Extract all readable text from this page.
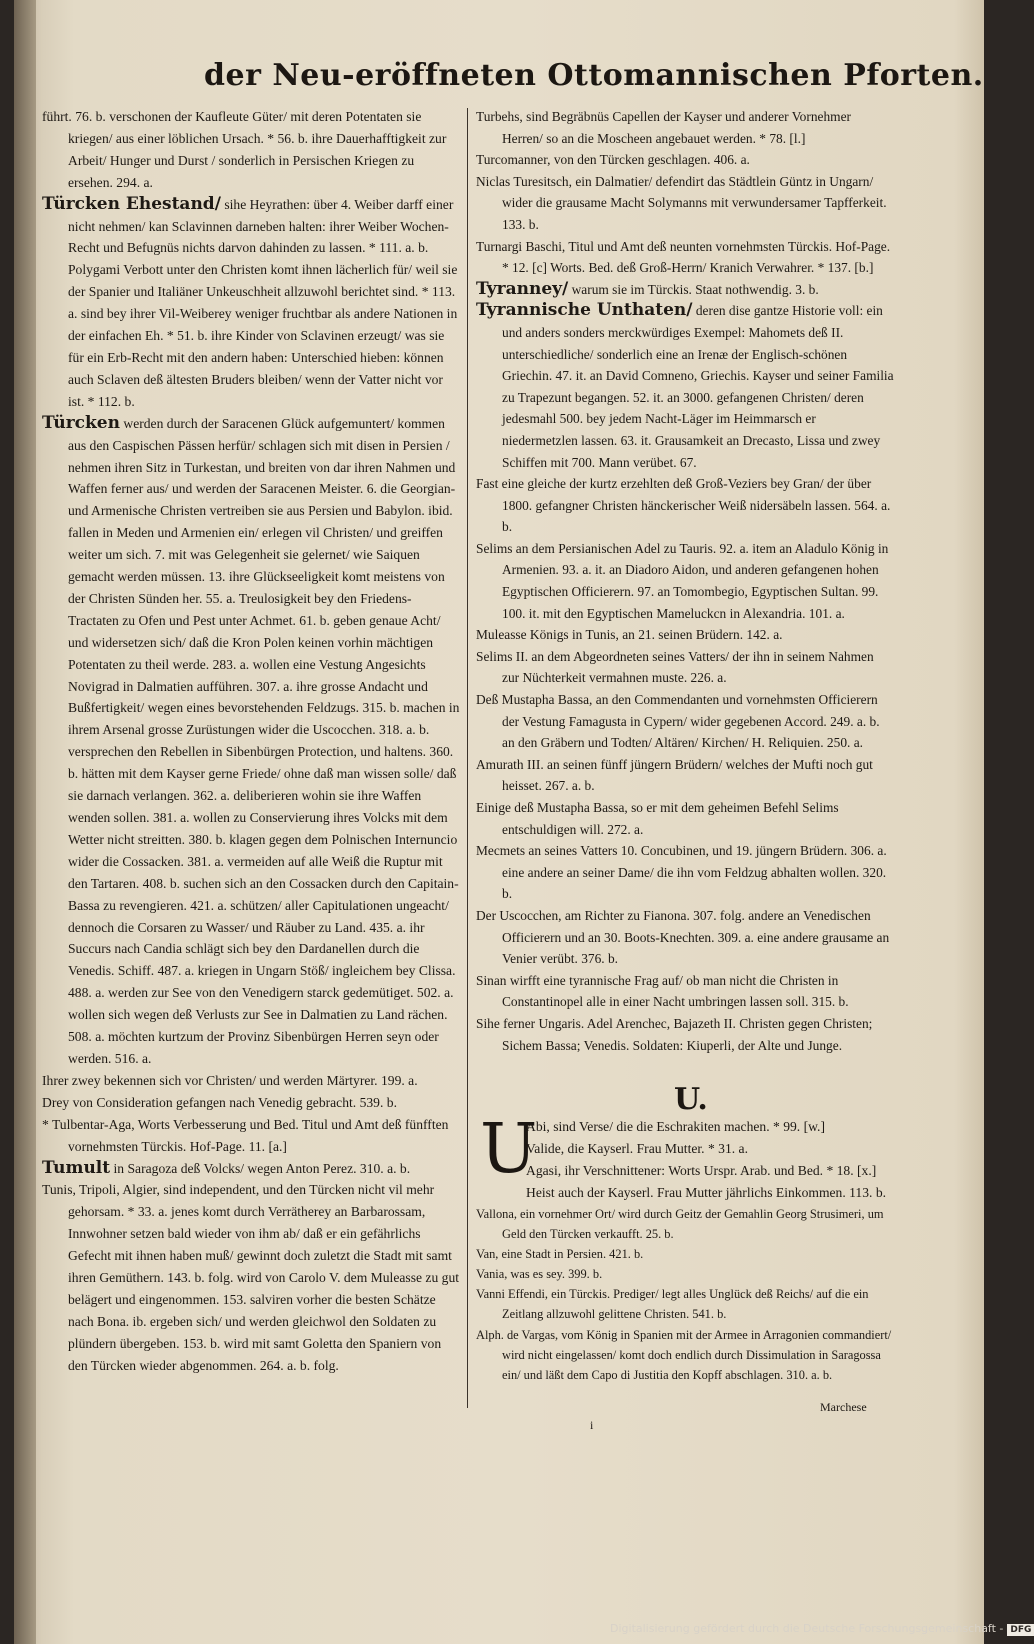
der Neu-eröffneten Ottomannischen Pforten.

führt. 76. b. verschonen der Kaufleute Güter/ mit deren Potentaten sie kriegen/ aus einer löblichen Ursach. * 56. b. ihre Dauerhafftigkeit zur Arbeit/ Hunger und Durst / sonderlich in Persischen Kriegen zu ersehen. 294. a.

Türcken Ehestand/ sihe Heyrathen: über 4. Weiber darff einer nicht nehmen/ kan Sclavinnen darneben halten: ihrer Weiber Wochen-Recht und Befugnüs nichts darvon dahinden zu lassen. * 111. a. b. Polygami Verbott unter den Christen komt ihnen lächerlich für/ weil sie der Spanier und Italiäner Unkeuschheit allzuwohl berichtet sind. * 113. a. sind bey ihrer Vil-Weiberey weniger fruchtbar als andere Nationen in der einfachen Eh. * 51. b. ihre Kinder von Sclavinen erzeugt/ was sie für ein Erb-Recht mit den andern haben: Unterschied hieben: können auch Sclaven deß ältesten Bruders bleiben/ wenn der Vatter nicht vor ist. * 112. b.

Türcken werden durch der Saracenen Glück aufgemuntert/ kommen aus den Caspischen Pässen herfür/ schlagen sich mit disen in Persien / nehmen ihren Sitz in Turkestan, und breiten von dar ihren Nahmen und Waffen ferner aus/ und werden der Saracenen Meister. 6. die Georgian- und Armenische Christen vertreiben sie aus Persien und Babylon. ibid. fallen in Meden und Armenien ein/ erlegen vil Christen/ und greiffen weiter um sich. 7. mit was Gelegenheit sie gelernet/ wie Saiquen gemacht werden müssen. 13. ihre Glückseeligkeit komt meistens von der Christen Sünden her. 55. a. Treulosigkeit bey den Friedens-Tractaten zu Ofen und Pest unter Achmet. 61. b. geben genaue Acht/ und widersetzen sich/ daß die Kron Polen keinen vorhin mächtigen Potentaten zu theil werde. 283. a. wollen eine Vestung Angesichts Novigrad in Dalmatien aufführen. 307. a. ihre grosse Andacht und Bußfertigkeit/ wegen eines bevorstehenden Feldzugs. 315. b. machen in ihrem Arsenal grosse Zurüstungen wider die Uscocchen. 318. a. b. versprechen den Rebellen in Sibenbürgen Protection, und haltens. 360. b. hätten mit dem Kayser gerne Friede/ ohne daß man wissen solle/ daß sie darnach verlangen. 362. a. deliberieren wohin sie ihre Waffen wenden sollen. 381. a. wollen zu Conservierung ihres Volcks mit dem Wetter nicht streitten. 380. b. klagen gegen dem Polnischen Internuncio wider die Cossacken. 381. a. vermeiden auf alle Weiß die Ruptur mit den Tartaren. 408. b. suchen sich an den Cossacken durch den Capitain-Bassa zu revengieren. 421. a. schützen/ aller Capitulationen ungeacht/ dennoch die Corsaren zu Wasser/ und Räuber zu Land. 435. a. ihr Succurs nach Candia schlägt sich bey den Dardanellen durch die Venedis. Schiff. 487. a. kriegen in Ungarn Stöß/ ingleichem bey Clissa. 488. a. werden zur See von den Venedigern starck gedemütiget. 502. a. wollen sich wegen deß Verlusts zur See in Dalmatien zu Land rächen. 508. a. möchten kurtzum der Provinz Sibenbürgen Herren seyn oder werden. 516. a.

Ihrer zwey bekennen sich vor Christen/ und werden Märtyrer. 199. a.

Drey von Consideration gefangen nach Venedig gebracht. 539. b.

* Tulbentar-Aga, Worts Verbesserung und Bed. Titul und Amt deß fünfften vornehmsten Türckis. Hof-Page. 11. [a.]

Tumult in Saragoza deß Volcks/ wegen Anton Perez. 310. a. b.

Tunis, Tripoli, Algier, sind independent, und den Türcken nicht vil mehr gehorsam. * 33. a. jenes komt durch Verrätherey an Barbarossam, Innwohner setzen bald wieder von ihm ab/ daß er ein gefährlichs Gefecht mit ihnen haben muß/ gewinnt doch zuletzt die Stadt mit samt ihren Gemüthern. 143. b. folg. wird von Carolo V. dem Muleasse zu gut belägert und eingenommen. 153. salviren vorher die besten Schätze nach Bona. ib. ergeben sich/ und werden gleichwol den Soldaten zu plündern übergeben. 153. b. wird mit samt Goletta den Spaniern von den Türcken wieder abgenommen. 264. a. b. folg.

Turbehs, sind Begräbnüs Capellen der Kayser und anderer Vornehmer Herren/ so an die Moscheen angebauet werden. * 78. [l.]

Turcomanner, von den Türcken geschlagen. 406. a.

Niclas Turesitsch, ein Dalmatier/ defendirt das Städtlein Güntz in Ungarn/ wider die grausame Macht Solymanns mit verwundersamer Tapfferkeit. 133. b.

Turnargi Baschi, Titul und Amt deß neunten vornehmsten Türckis. Hof-Page. * 12. [c] Worts. Bed. deß Groß-Herrn/ Kranich Verwahrer. * 137. [b.]

Tyranney/ warum sie im Türckis. Staat nothwendig. 3. b.

Tyrannische Unthaten/ deren dise gantze Historie voll: ein und anders sonders merckwürdiges Exempel: Mahomets deß II. unterschiedliche/ sonderlich eine an Irenæ der Englisch-schönen Griechin. 47. it. an David Comneno, Griechis. Kayser und seiner Familia zu Trapezunt begangen. 52. it. an 3000. gefangenen Christen/ deren jedesmahl 500. bey jedem Nacht-Läger im Heimmarsch er niedermetzlen lassen. 63. it. Grausamkeit an Drecasto, Lissa und zwey Schiffen mit 700. Mann verübet. 67.

Fast eine gleiche der kurtz erzehlten deß Groß-Veziers bey Gran/ der über 1800. gefangner Christen hänckerischer Weiß nidersäbeln lassen. 564. a. b.

Selims an dem Persianischen Adel zu Tauris. 92. a. item an Aladulo König in Armenien. 93. a. it. an Diadoro Aidon, und anderen gefangenen hohen Egyptischen Officierern. 97. an Tomombegio, Egyptischen Sultan. 99. 100. it. mit den Egyptischen Mameluckcn in Alexandria. 101. a.

Muleasse Königs in Tunis, an 21. seinen Brüdern. 142. a.

Selims II. an dem Abgeordneten seines Vatters/ der ihn in seinem Nahmen zur Nüchterkeit vermahnen muste. 226. a.

Deß Mustapha Bassa, an den Commendanten und vornehmsten Officierern der Vestung Famagusta in Cypern/ wider gegebenen Accord. 249. a. b. an den Gräbern und Todten/ Altären/ Kirchen/ H. Reliquien. 250. a.

Amurath III. an seinen fünff jüngern Brüdern/ welches der Mufti noch gut heisset. 267. a. b.

Einige deß Mustapha Bassa, so er mit dem geheimen Befehl Selims entschuldigen will. 272. a.

Mecmets an seines Vatters 10. Concubinen, und 19. jüngern Brüdern. 306. a. eine andere an seiner Dame/ die ihn vom Feldzug abhalten wollen. 320. b.

Der Uscocchen, am Richter zu Fianona. 307. folg. andere an Venedischen Officierern und an 30. Boots-Knechten. 309. a. eine andere grausame an Venier verübt. 376. b.

Sinan wirfft eine tyrannische Frag auf/ ob man nicht die Christen in Constantinopel alle in einer Nacht umbringen lassen soll. 315. b.

Sihe ferner Ungaris. Adel Arenchec, Bajazeth II. Christen gegen Christen; Sichem Bassa; Venedis. Soldaten: Kiuperli, der Alte und Junge.

U.
U

Abi, sind Verse/ die die Eschrakiten machen. * 99. [w.]

Valide, die Kayserl. Frau Mutter. * 31. a.

Agasi, ihr Verschnittener: Worts Urspr. Arab. und Bed. * 18. [x.]

Heist auch der Kayserl. Frau Mutter jährlichs Einkommen. 113. b.

Vallona, ein vornehmer Ort/ wird durch Geitz der Gemahlin Georg Strusimeri, um Geld den Türcken verkaufft. 25. b.

Van, eine Stadt in Persien. 421. b.

Vania, was es sey. 399. b.

Vanni Effendi, ein Türckis. Prediger/ legt alles Unglück deß Reichs/ auf die ein Zeitlang allzuwohl gelittene Christen. 541. b.

Alph. de Vargas, vom König in Spanien mit der Armee in Arragonien commandiert/ wird nicht eingelassen/ komt doch endlich durch Dissimulation in Saragossa ein/ und läßt dem Capo di Justitia den Kopff abschlagen. 310. a. b.

i
Marchese
Digitalisierung gefördert durch die Deutsche Forschungsgemeinschaft - DFG
